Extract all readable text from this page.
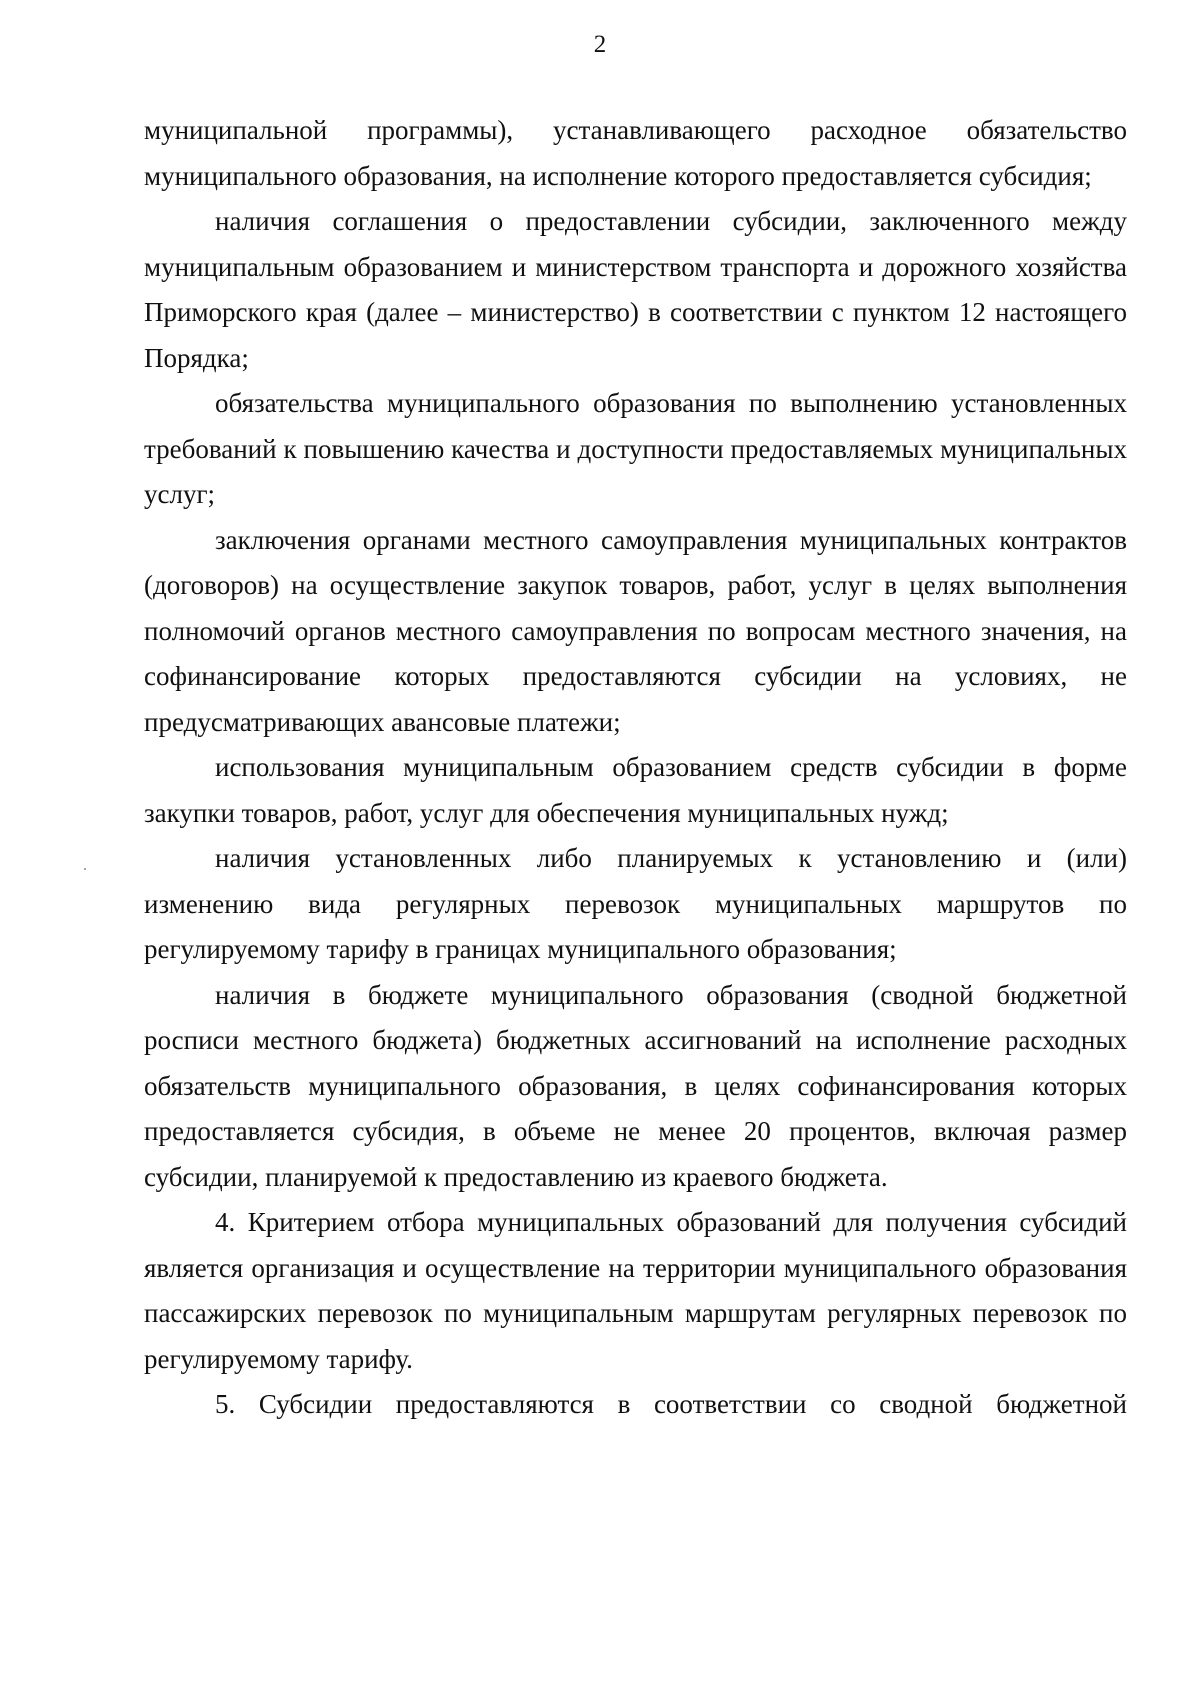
2

муниципальной программы), устанавливающего расходное обязательство муниципального образования, на исполнение которого предоставляется субсидия;

наличия соглашения о предоставлении субсидии, заключенного между муниципальным образованием и министерством транспорта и дорожного хозяйства Приморского края (далее – министерство) в соответствии с пунктом 12 настоящего Порядка;

обязательства муниципального образования по выполнению установленных требований к повышению качества и доступности предоставляемых муниципальных услуг;

заключения органами местного самоуправления муниципальных контрактов (договоров) на осуществление закупок товаров, работ, услуг в целях выполнения полномочий органов местного самоуправления по вопросам местного значения, на софинансирование которых предоставляются субсидии на условиях, не предусматривающих авансовые платежи;

использования муниципальным образованием средств субсидии в форме закупки товаров, работ, услуг для обеспечения муниципальных нужд;

наличия установленных либо планируемых к установлению и (или) изменению вида регулярных перевозок муниципальных маршрутов по регулируемому тарифу в границах муниципального образования;

наличия в бюджете муниципального образования (сводной бюджетной росписи местного бюджета) бюджетных ассигнований на исполнение расходных обязательств муниципального образования, в целях софинансирования которых предоставляется субсидия, в объеме не менее 20 процентов, включая размер субсидии, планируемой к предоставлению из краевого бюджета.

4. Критерием отбора муниципальных образований для получения субсидий является организация и осуществление на территории муниципального образования пассажирских перевозок по муниципальным маршрутам регулярных перевозок по регулируемому тарифу.

5. Субсидии предоставляются в соответствии со сводной бюджетной
